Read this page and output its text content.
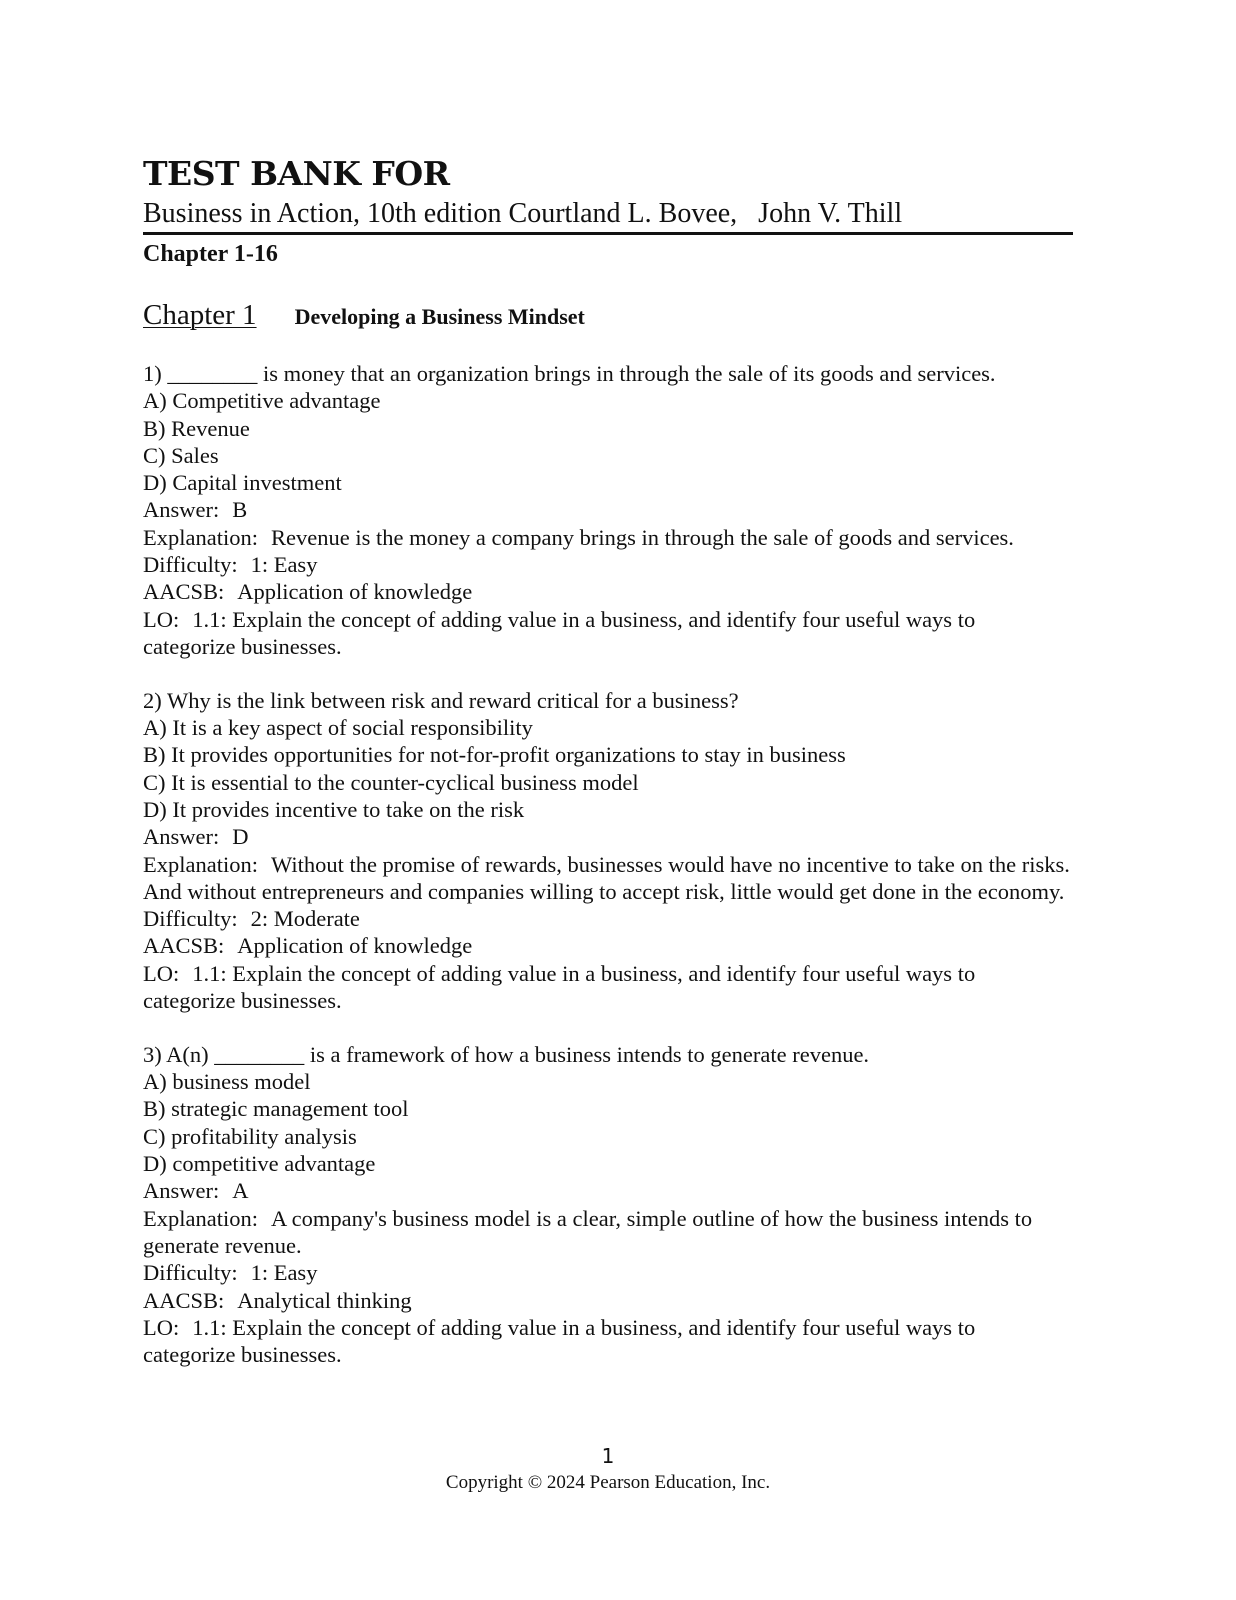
TEST BANK FOR
Business in Action, 10th edition Courtland L. Bovee,   John V. Thill
Chapter 1-16
Chapter 1 Developing a Business Mindset

1) ________ is money that an organization brings in through the sale of its goods and services.

A) Competitive advantage

B) Revenue

C) Sales

D) Capital investment

Answer: B

Explanation: Revenue is the money a company brings in through the sale of goods and services.

Difficulty: 1: Easy

AACSB: Application of knowledge

LO: 1.1: Explain the concept of adding value in a business, and identify four useful ways to categorize businesses.

2) Why is the link between risk and reward critical for a business?

A) It is a key aspect of social responsibility

B) It provides opportunities for not-for-profit organizations to stay in business

C) It is essential to the counter-cyclical business model

D) It provides incentive to take on the risk

Answer: D

Explanation: Without the promise of rewards, businesses would have no incentive to take on the risks. And without entrepreneurs and companies willing to accept risk, little would get done in the economy.

Difficulty: 2: Moderate

AACSB: Application of knowledge

LO: 1.1: Explain the concept of adding value in a business, and identify four useful ways to categorize businesses.

3) A(n) ________ is a framework of how a business intends to generate revenue.

A) business model

B) strategic management tool

C) profitability analysis

D) competitive advantage

Answer: A

Explanation: A company's business model is a clear, simple outline of how the business intends to generate revenue.

Difficulty: 1: Easy

AACSB: Analytical thinking

LO: 1.1: Explain the concept of adding value in a business, and identify four useful ways to categorize businesses.

1
Copyright © 2024 Pearson Education, Inc.
